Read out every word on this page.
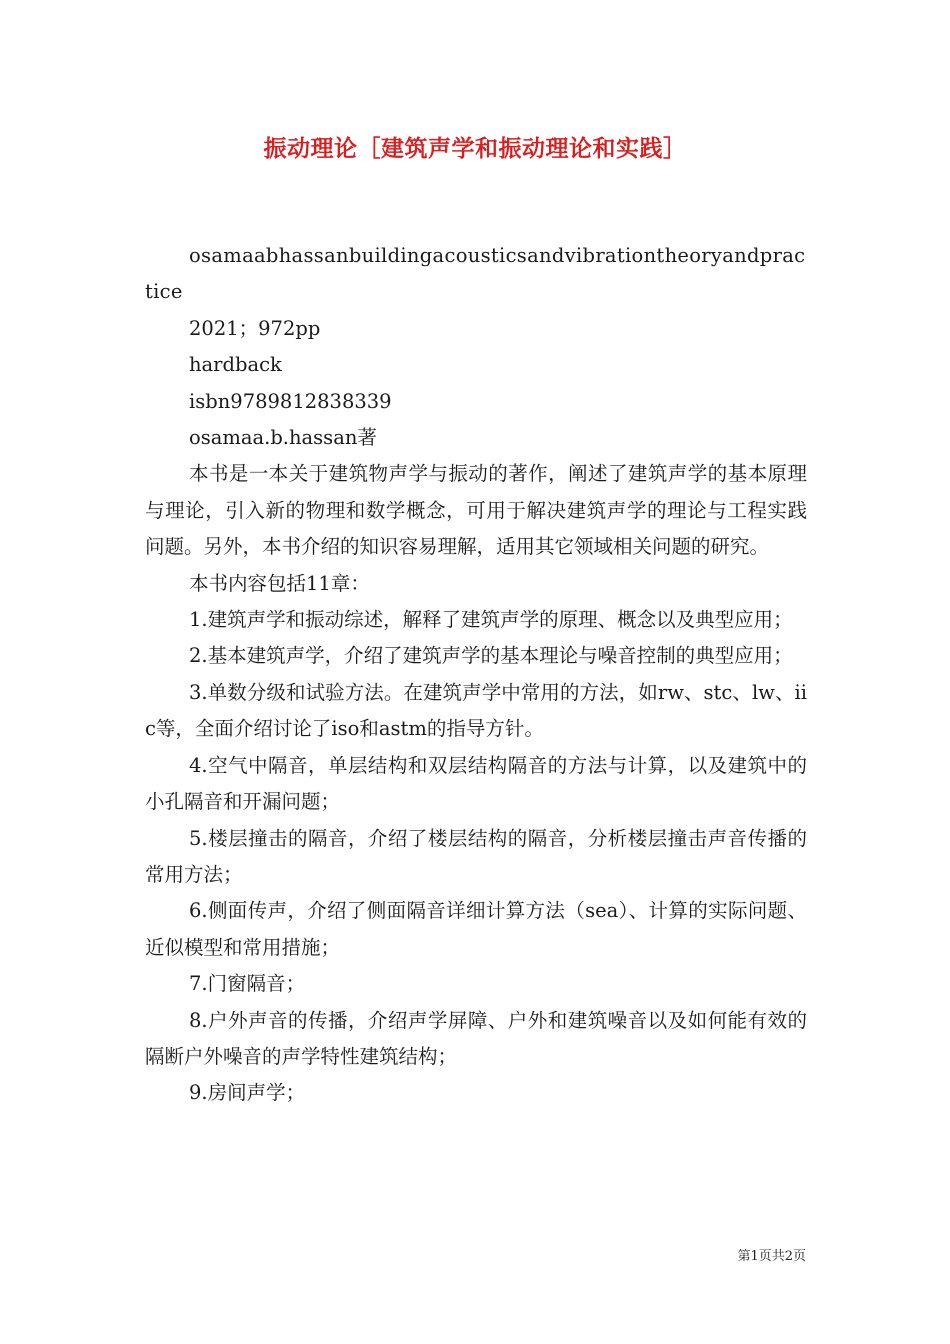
振动理论［建筑声学和振动理论和实践］

osamaabhassanbuildingacousticsandvibrationtheoryandpractice

2021；972pp

hardback

isbn9789812838339

osamaa.b.hassan著

本书是一本关于建筑物声学与振动的著作，阐述了建筑声学的基本原理与理论，引入新的物理和数学概念，可用于解决建筑声学的理论与工程实践问题。另外，本书介绍的知识容易理解，适用其它领域相关问题的研究。

本书内容包括11章：

1.建筑声学和振动综述，解释了建筑声学的原理、概念以及典型应用；

2.基本建筑声学，介绍了建筑声学的基本理论与噪音控制的典型应用；

3.单数分级和试验方法。在建筑声学中常用的方法，如rw、stc、lw、iic等，全面介绍讨论了iso和astm的指导方针。

4.空气中隔音，单层结构和双层结构隔音的方法与计算，以及建筑中的小孔隔音和开漏问题；

5.楼层撞击的隔音，介绍了楼层结构的隔音，分析楼层撞击声音传播的常用方法；

6.侧面传声，介绍了侧面隔音详细计算方法（sea）、计算的实际问题、近似模型和常用措施；

7.门窗隔音；

8.户外声音的传播，介绍声学屏障、户外和建筑噪音以及如何能有效的隔断户外噪音的声学特性建筑结构；

9.房间声学；

第1页共2页
